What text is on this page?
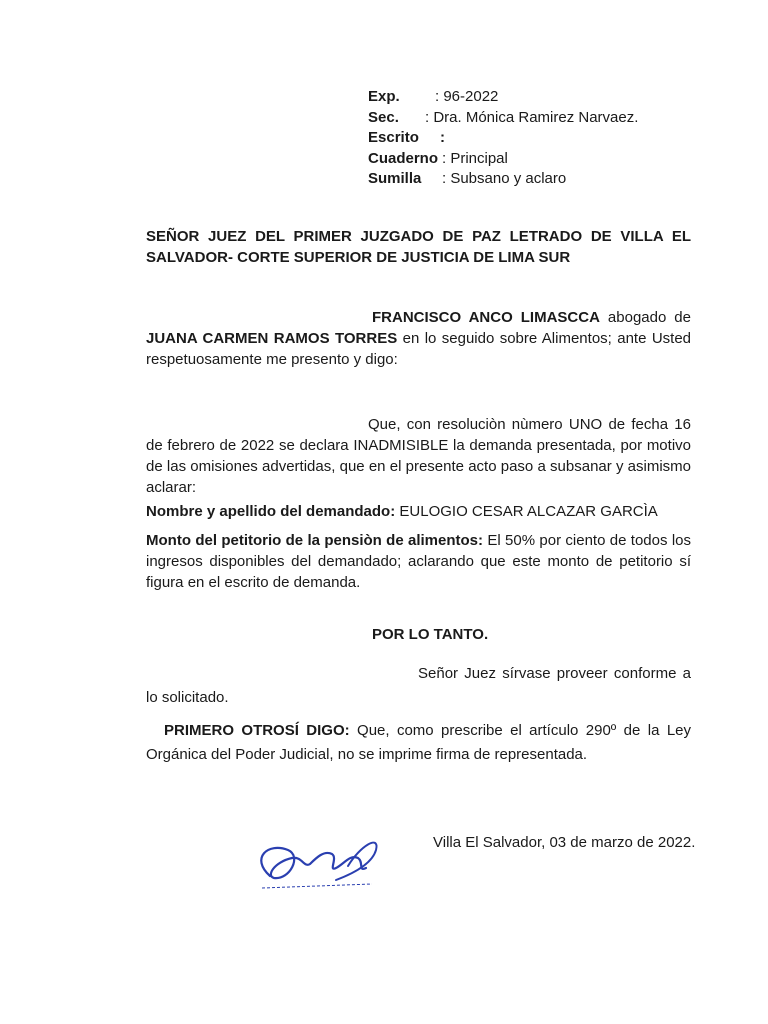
Exp. : 96-2022
Sec. : Dra. Mónica Ramirez Narvaez.
Escrito :
Cuaderno : Principal
Sumilla : Subsano y aclaro
SEÑOR JUEZ DEL PRIMER JUZGADO DE PAZ LETRADO DE VILLA EL SALVADOR- CORTE SUPERIOR DE JUSTICIA DE LIMA SUR
FRANCISCO ANCO LIMASCCA abogado de JUANA CARMEN RAMOS TORRES en lo seguido sobre Alimentos; ante Usted respetuosamente me presento y digo:
Que, con resoluciòn nùmero UNO de fecha 16 de febrero de 2022 se declara INADMISIBLE la demanda presentada, por motivo de las omisiones advertidas, que en el presente acto paso a subsanar y asimismo aclarar:
Nombre y apellido del demandado: EULOGIO CESAR ALCAZAR GARCÌA
Monto del petitorio de la pensiòn de alimentos: El 50% por ciento de todos los ingresos disponibles del demandado; aclarando que este monto de petitorio sí figura en el escrito de demanda.
POR LO TANTO.
Señor Juez sírvase proveer conforme a lo solicitado.
PRIMERO OTROSÍ DIGO: Que, como prescribe el artículo 290º de la Ley Orgánica del Poder Judicial, no se imprime firma de representada.
Villa El Salvador, 03 de marzo de 2022.
